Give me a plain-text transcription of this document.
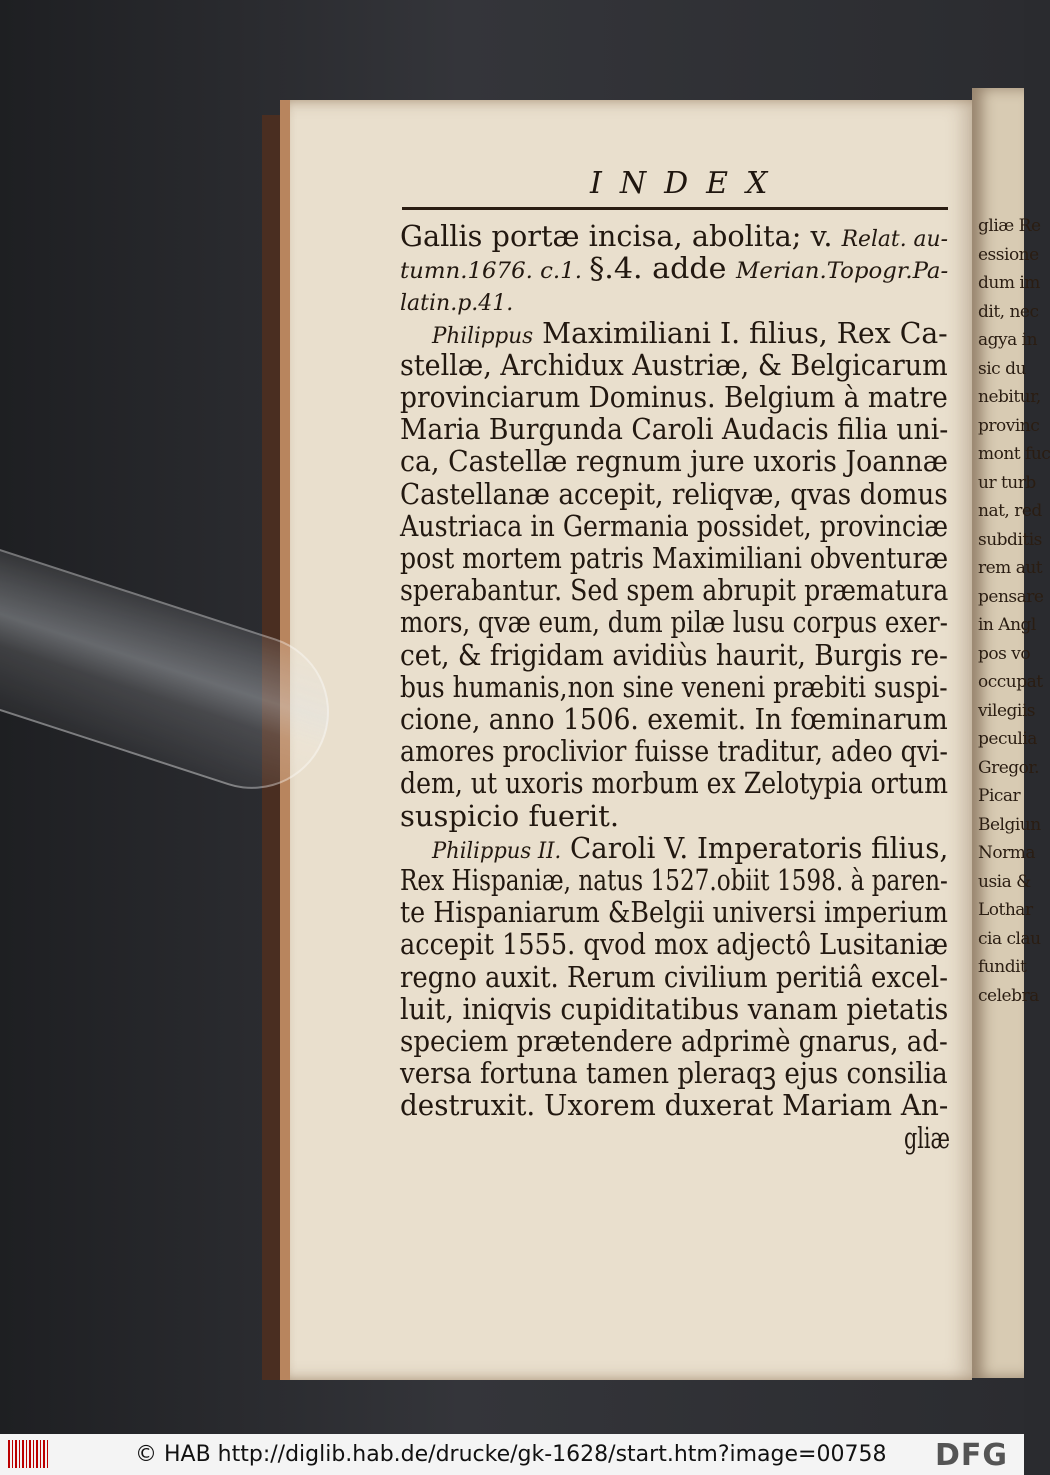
gliæ Re
essione
dum im
dit, nec
agya in
sic du
nebitur,
provinc
mont fuc
ur turb
nat, red
subditis
rem aut
pensare
in Angl
pos vo
occupat
vilegiis
peculia
Gregor.
Picar
Belgiun
Norma
usia &
Lothar
cia clau
fundit
celebra
INDEX
Gallis portæ incisa, abolita; v. Relat. au-
tumn.1676. c.1. §.4. adde Merian.Topogr.Pa-
latin.p.41.
Philippus Maximiliani I. filius, Rex Ca-
stellæ, Archidux Austriæ, & Belgicarum
provinciarum Dominus. Belgium à matre
Maria Burgunda Caroli Audacis filia uni-
ca, Castellæ regnum jure uxoris Joannæ
Castellanæ accepit, reliqvæ, qvas domus
Austriaca in Germania possidet, provinciæ
post mortem patris Maximiliani obventuræ
sperabantur. Sed spem abrupit præmatura
mors, qvæ eum, dum pilæ lusu corpus exer-
cet, & frigidam avidiùs haurit, Burgis re-
bus humanis,non sine veneni præbiti suspi-
cione, anno 1506. exemit. In fœminarum
amores proclivior fuisse traditur, adeo qvi-
dem, ut uxoris morbum ex Zelotypia ortum
suspicio fuerit.
Philippus II. Caroli V. Imperatoris filius,
Rex Hispaniæ, natus 1527.obiit 1598. à paren-
te Hispaniarum &Belgii universi imperium
accepit 1555. qvod mox adjectô Lusitaniæ
regno auxit. Rerum civilium peritiâ excel-
luit, iniqvis cupiditatibus vanam pietatis
speciem prætendere adprimè gnarus, ad-
versa fortuna tamen pleraqꝫ ejus consilia
destruxit. Uxorem duxerat Mariam An-
gliæ
© HAB http://diglib.hab.de/drucke/gk-1628/start.htm?image=00758 DFG
